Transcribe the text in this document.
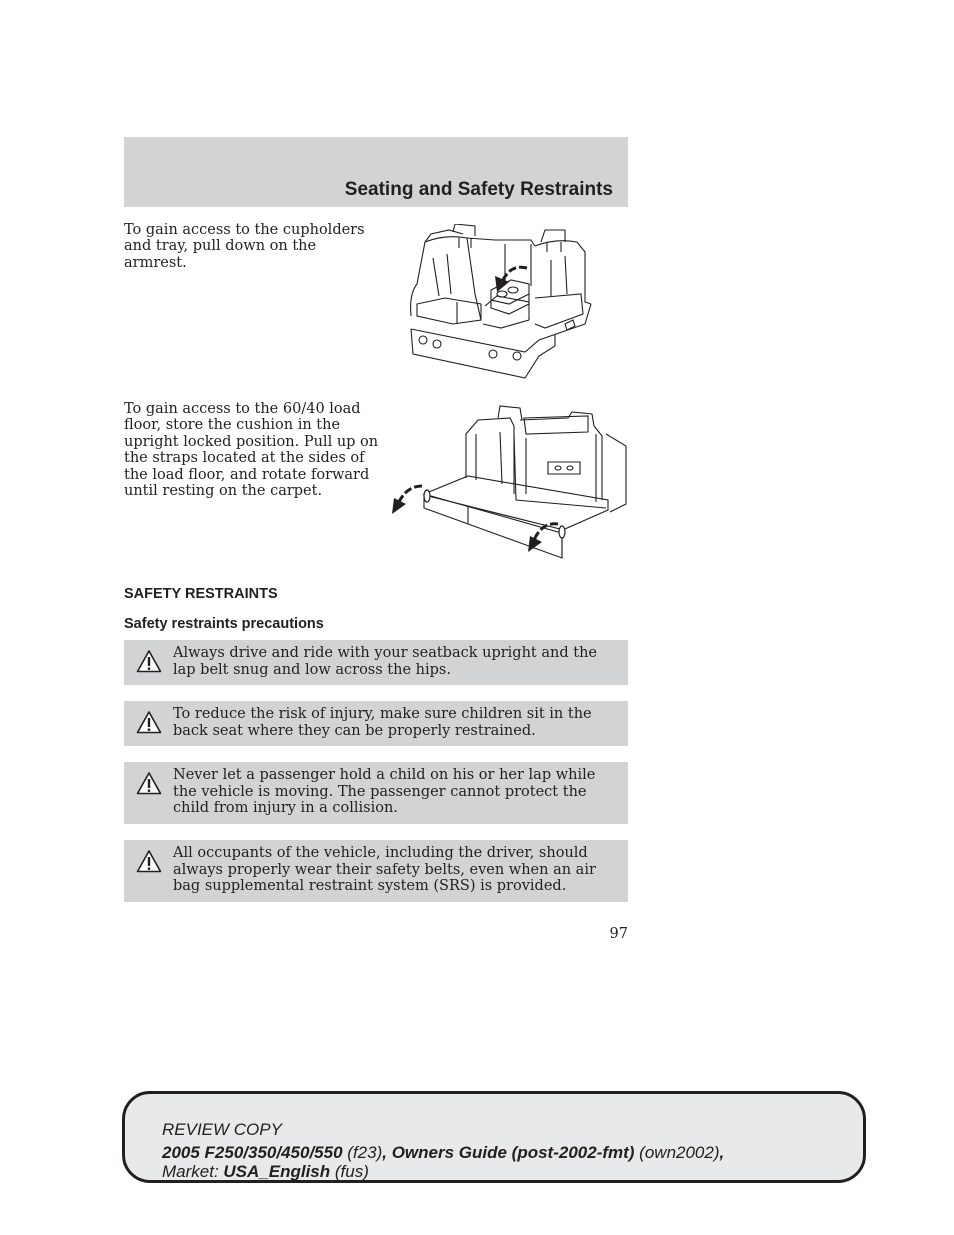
Seating and Safety Restraints
To gain access to the cupholders and tray, pull down on the armrest.
To gain access to the 60/40 load floor, store the cushion in the upright locked position. Pull up on the straps located at the sides of the load floor, and rotate forward until resting on the carpet.
SAFETY RESTRAINTS
Safety restraints precautions
Always drive and ride with your seatback upright and the lap belt snug and low across the hips.
To reduce the risk of injury, make sure children sit in the back seat where they can be properly restrained.
Never let a passenger hold a child on his or her lap while the vehicle is moving. The passenger cannot protect the child from injury in a collision.
All occupants of the vehicle, including the driver, should always properly wear their safety belts, even when an air bag supplemental restraint system (SRS) is provided.
97
REVIEW COPY
2005 F250/350/450/550 (f23), Owners Guide (post-2002-fmt) (own2002),
Market: USA_English (fus)
